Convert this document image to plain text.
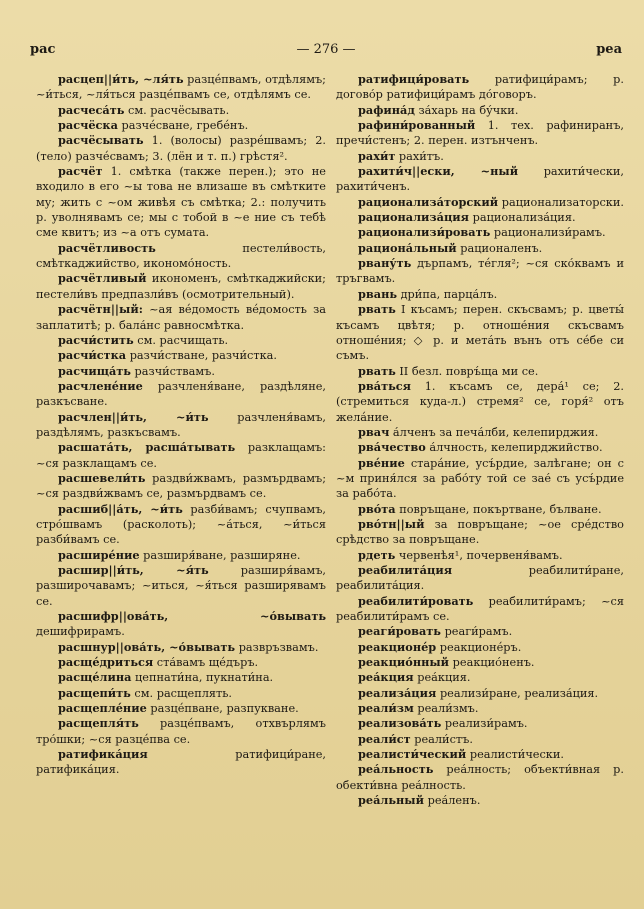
рас	— 276 —	реа

расцеп||и́ть, ~ля́ть разцéпвамъ, отдѣлямъ; ~и́ться, ~ля́ться разцéпвамъ се, отдѣлямъ се.

расчеса́ть см. расчёсывать.

расчёска разчéсване, гребéнъ.

расчёсывать 1. (волосы) разрéшвамъ; 2. (тело) разчéсвамъ; 3. (лён и т. п.) грѣстя².

расчёт 1. смѣтка (также перен.); это не входило в его ~ы това не влизаше въ смѣтките му; жить с ~ом живѣя съ смѣтка; 2.: получить р. уволнявамъ се; мы с тобой в ~е ние съ тебѣ сме квитъ; из ~а отъ сумата.

расчётливость пестели́вость, смѣткаджийство, икономо́ность.

расчётливый икономенъ, смѣткаджийски; пестели́въ предпазли́въ (осмотрительный).

расчётн||ый: ~ая вéдомость вéдомость за заплатитѣ; р. бала́нс равносмѣтка.

расчи́стить см. расчищать.

расчи́стка разчи́стване, разчи́стка.

расчища́ть разчи́ствамъ.

расчленéние разчленя́ване, раздѣляне, разкъсване.

расчлен||и́ть, ~и́ть разчленя́вамъ, раздѣлямъ, разкъсвамъ.

расшата́ть, расша́тывать разклащамъ: ~ся разклащамъ се.

расшевели́ть раздви́жвамъ, размърдвамъ; ~ся раздви́жвамъ се, размърдвамъ се.

расшиб||а́ть, ~и́ть разби́вамъ; счупвамъ, стро́швамъ (расколоть); ~а́ться, ~и́ться разби́вамъ се.

расширéние разширя́ване, разширяне.

расшир||и́ть, ~я́ть разширя́вамъ, разширочавамъ; ~иться, ~я́ться разширявамъ се.

расшифр||ова́ть, ~о́вывать дешифрирамъ.

расшнур||ова́ть, ~о́вывать развръзвамъ.

расщéдриться ста́вамъ щéдъръ.

расщéлина цепнати́на, пукнати́на.

расщепи́ть см. расщеплять.

расщеплéние разцéпване, разпукване.

расщепля́ть разцéпвамъ, отхвърлямъ тро́шки; ~ся разцéпва се.

ратифика́ция ратифици́ране, ратифика́ция.

ратифици́ровать ратифици́рамъ; р. догово́р ратифици́рамъ до́говоръ.

рафина́д за́харь на бу́чки.

рафини́рованный 1. тех. рафиниранъ, пречи́стенъ; 2. перен. изтънченъ.

рахи́т рахи́тъ.

рахити́ч||ески, ~ный рахити́чески, рахити́ченъ.

рационализа́торский рационализаторски.

рационализа́ция рационализа́ция.

рационализи́ровать рационализи́рамъ.

рациона́льный рационаленъ.

рвану́ть дърпамъ, тéгля²; ~ся ско́квамъ и тръгвамъ.

рвань дри́па, парца́лъ.

рвать I късамъ; перен. скъсвамъ; р. цветы́ късамъ цвѣтя; р. отноше́ния скъсвамъ отноше́ния; ◇ р. и мета́ть вънъ отъ сéбе си съмъ.

рвать II безл. повръ́ща ми се.

рва́ться 1. късамъ се, дера́¹ се; 2. (стремиться куда-л.) стремя² се, горя́² отъ желáние.

рвач а́лченъ за печа́лби, келепирджия.

рва́чество а́лчность, келепирджийство.

рвéние старáние, усъ́рдие, залѣгане; он с ~м приня́лся за рабо́ту той се зае́ съ усъ́рдие за рабо́та.

рво́та повръщане, покъртване, бълване.

рво́тн||ый за повръщане; ~ое срéдство срѣдство за повръщане.

рдеть червенѣя¹, почервеня́вамъ.

реабилита́ция реабилити́ране, реабилита́ция.

реабилити́ровать реабилити́рамъ; ~ся реабилити́рамъ се.

реаги́ровать реаги́рамъ.

реакционéр реакционéръ.

реакцио́нный реакцио́ненъ.

реа́кция реа́кция.

реализа́ция реализи́ране, реализа́ция.

реали́зм реали́змъ.

реализова́ть реализи́рамъ.

реали́ст реали́стъ.

реалисти́ческий реалисти́чески.

реа́льность реа́лность; объекти́вная р. обекти́вна реа́лность.

реа́льный реа́ленъ.
